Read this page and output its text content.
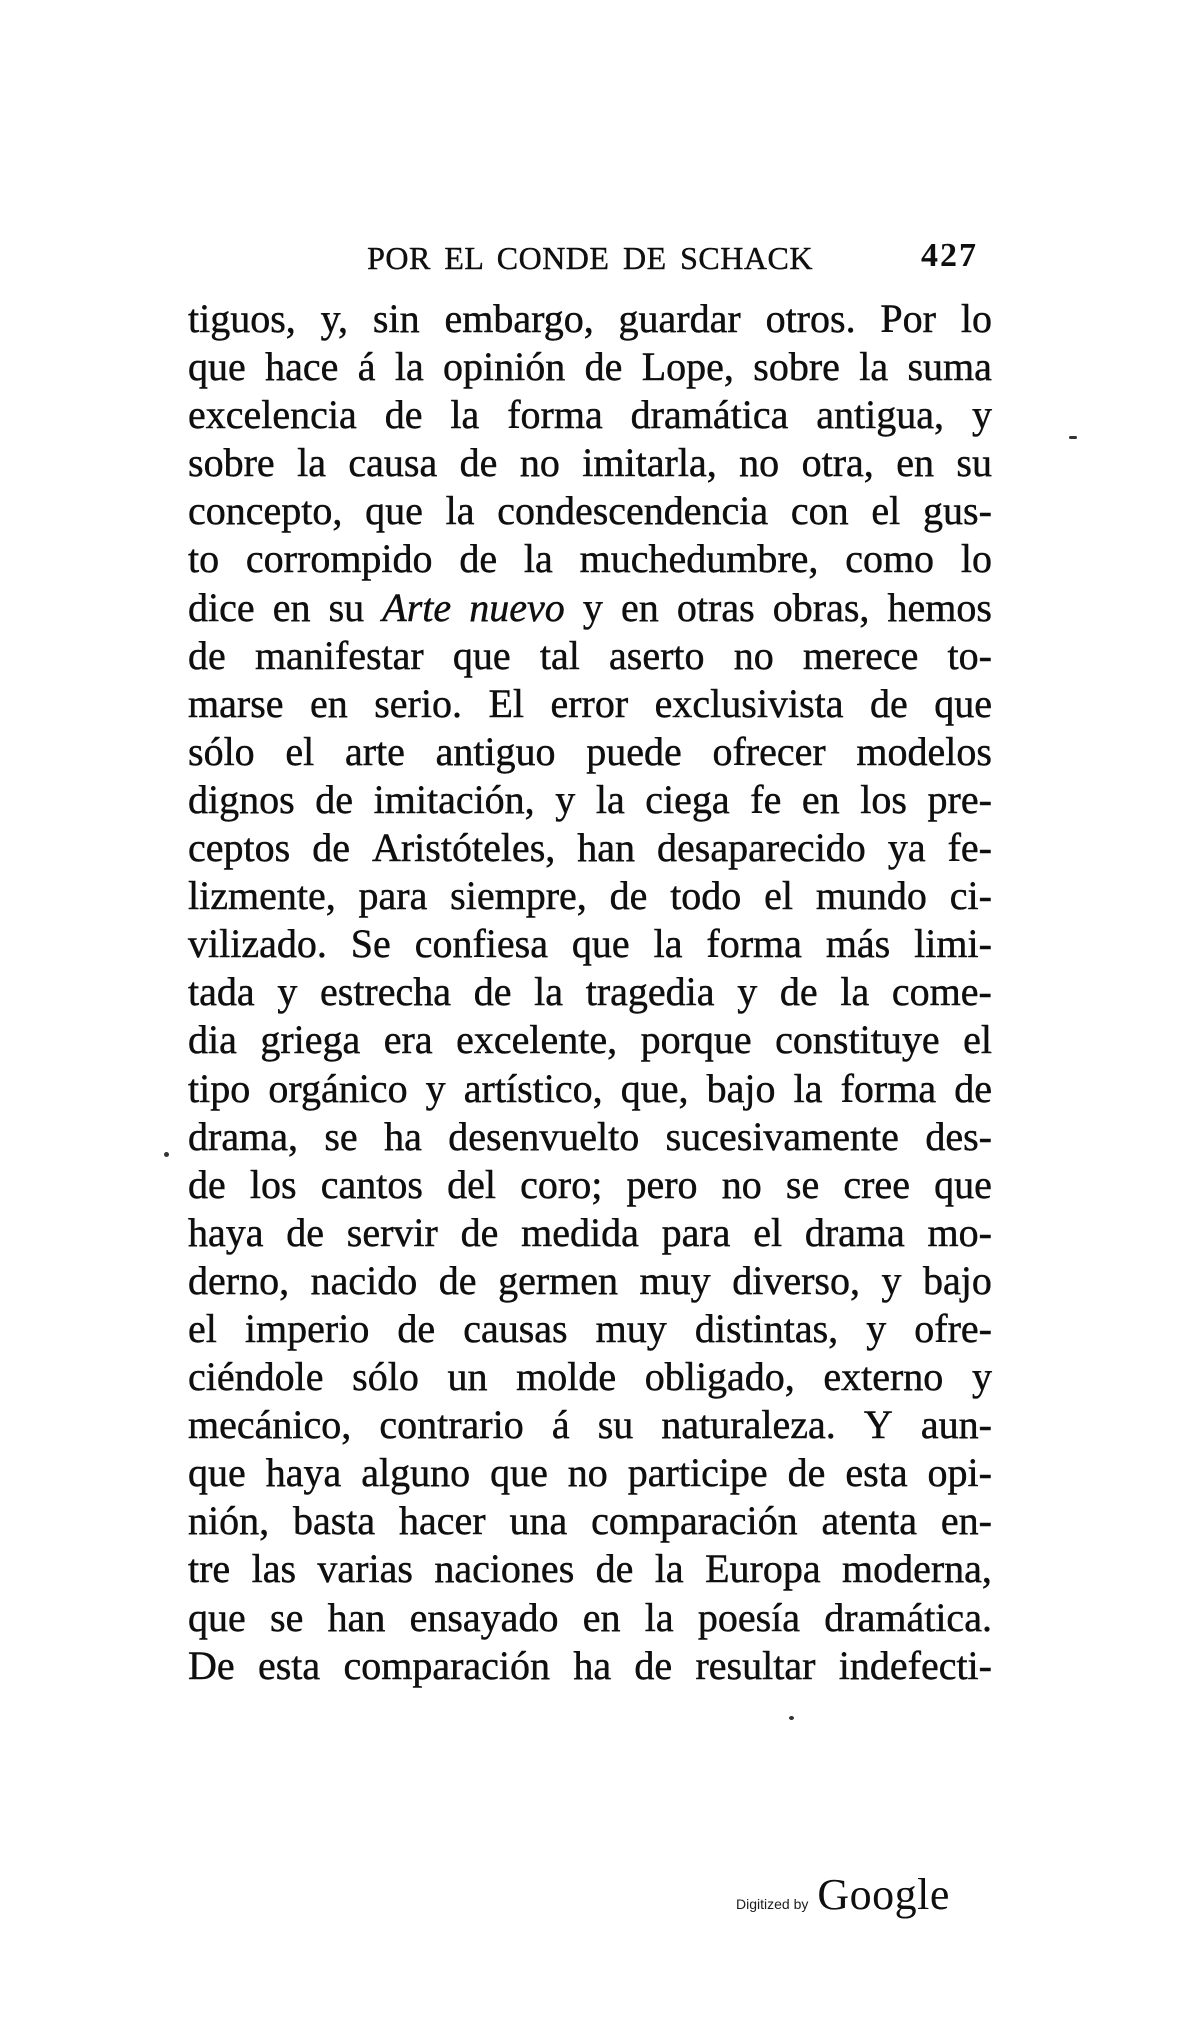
POR EL CONDE DE SCHACK	427
tiguos, y, sin embargo, guardar otros. Por lo
que hace á la opinión de Lope, sobre la suma
excelencia de la forma dramática antigua, y
sobre la causa de no imitarla, no otra, en su
concepto, que la condescendencia con el gus-
to corrompido de la muchedumbre, como lo
dice en su Arte nuevo y en otras obras, hemos
de manifestar que tal aserto no merece to-
marse en serio. El error exclusivista de que
sólo el arte antiguo puede ofrecer modelos
dignos de imitación, y la ciega fe en los pre-
ceptos de Aristóteles, han desaparecido ya fe-
lizmente, para siempre, de todo el mundo ci-
vilizado. Se confiesa que la forma más limi-
tada y estrecha de la tragedia y de la come-
dia griega era excelente, porque constituye el
tipo orgánico y artístico, que, bajo la forma de
drama, se ha desenvuelto sucesivamente des-
de los cantos del coro; pero no se cree que
haya de servir de medida para el drama mo-
derno, nacido de germen muy diverso, y bajo
el imperio de causas muy distintas, y ofre-
ciéndole sólo un molde obligado, externo y
mecánico, contrario á su naturaleza. Y aun-
que haya alguno que no participe de esta opi-
nión, basta hacer una comparación atenta en-
tre las varias naciones de la Europa moderna,
que se han ensayado en la poesía dramática.
De esta comparación ha de resultar indefecti-
Digitized by Google
